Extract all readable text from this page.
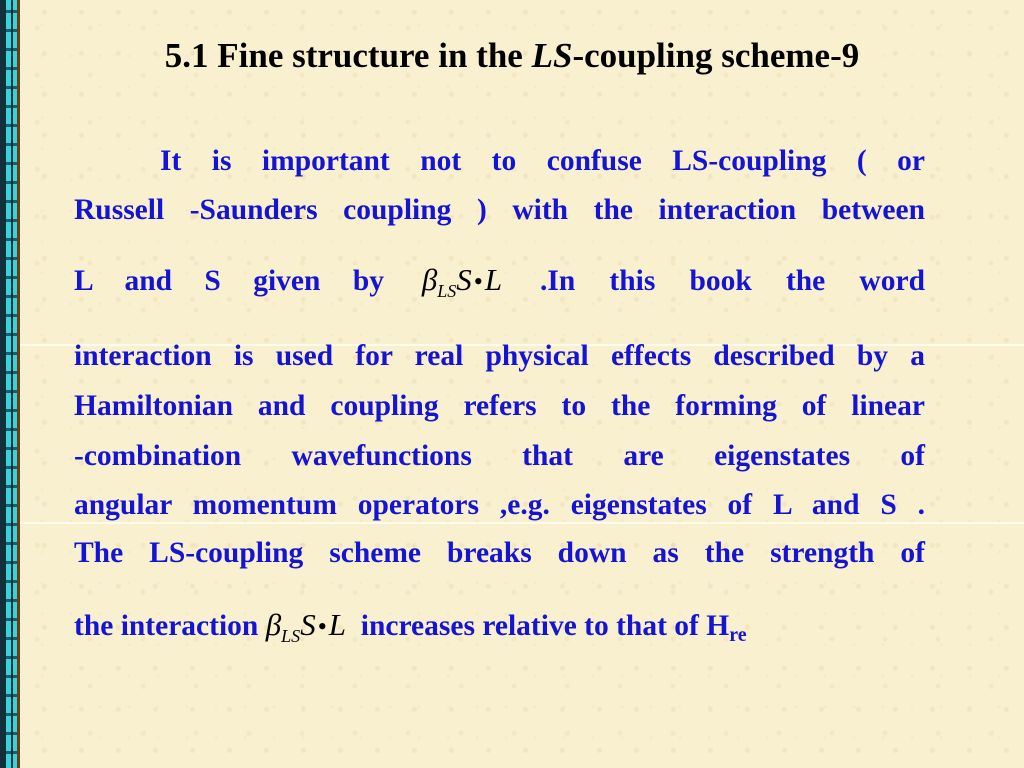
5.1 Fine structure in the LS-coupling scheme-9
It is important not to confuse LS-coupling ( or
Russell -Saunders coupling ) with the interaction between
L and S given by $\beta_{LS}S•L$ .In this book the word
interaction is used for real physical effects described by a
Hamiltonian and coupling refers to the forming of linear
-combination wavefunctions that are eigenstates of
angular momentum operators ,e.g. eigenstates of L and S .
The LS-coupling scheme breaks down as the strength of
the interaction $\beta_{LS}S•L$ increases relative to that of $H_{re}$
